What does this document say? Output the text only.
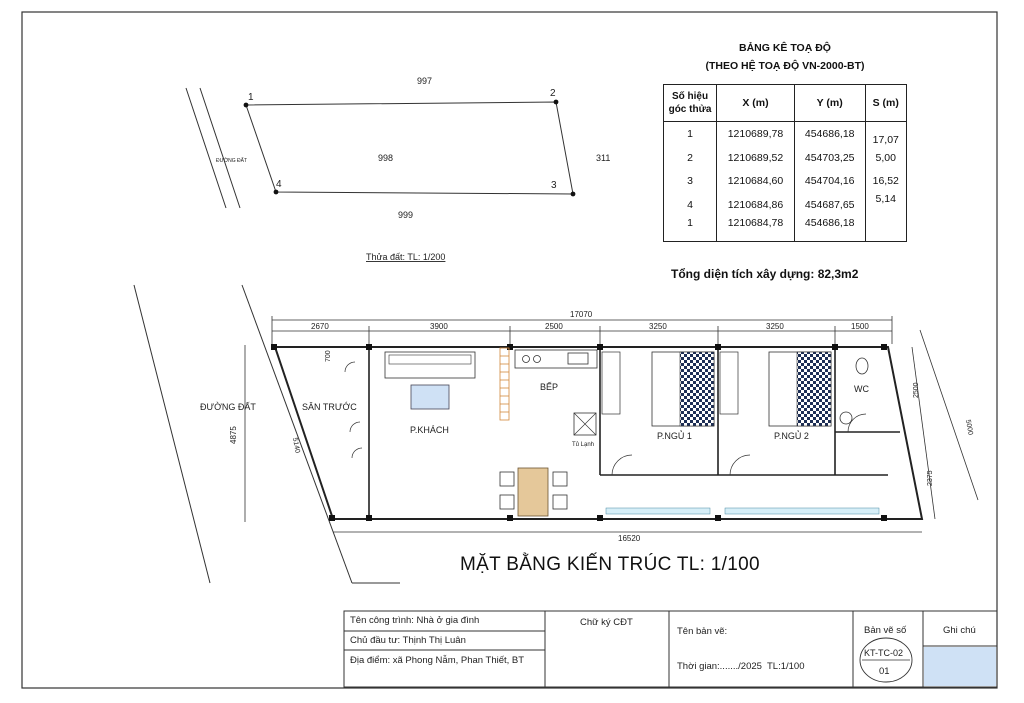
1	2
3
4
997
998	311
999
ĐƯỜNG ĐẤT
Thửa đất: TL: 1/200
ĐƯỜNG ĐẤT
17070
2670	3900	2500	3250	3250	1500
4875
5140
SÂN TRƯỚC
P.KHÁCH
BẾP
Tủ Lạnh
P.NGỦ 1	P.NGỦ 2
WC
700
16520
2500
2375
5000
BẢNG KÊ TOẠ ĐỘ
(THEO HỆ TOẠ ĐỘ VN-2000-BT)
Số hiệu góc thửa	X (m)	Y (m)	S (m)
1	1210689,78	454686,18	17,07
2	1210689,52	454703,25	5,00
3	1210684,60	454704,16	16,52
4	1210684,86	454687,65	5,14
1	1210684,78	454686,18	
Tổng diện tích xây dựng: 82,3m2
MẶT BẰNG KIẾN TRÚC TL: 1/100
Tên công trình: Nhà ở gia đình
Chủ đầu tư: Thịnh Thị Luân
Địa điểm: xã Phong Nẫm, Phan Thiết, BT
Chữ ký CĐT
Tên bản vẽ:
Thời gian:......./2025 TL:1/100
Bản vẽ số
KT-TC-02
01
Ghi chú
